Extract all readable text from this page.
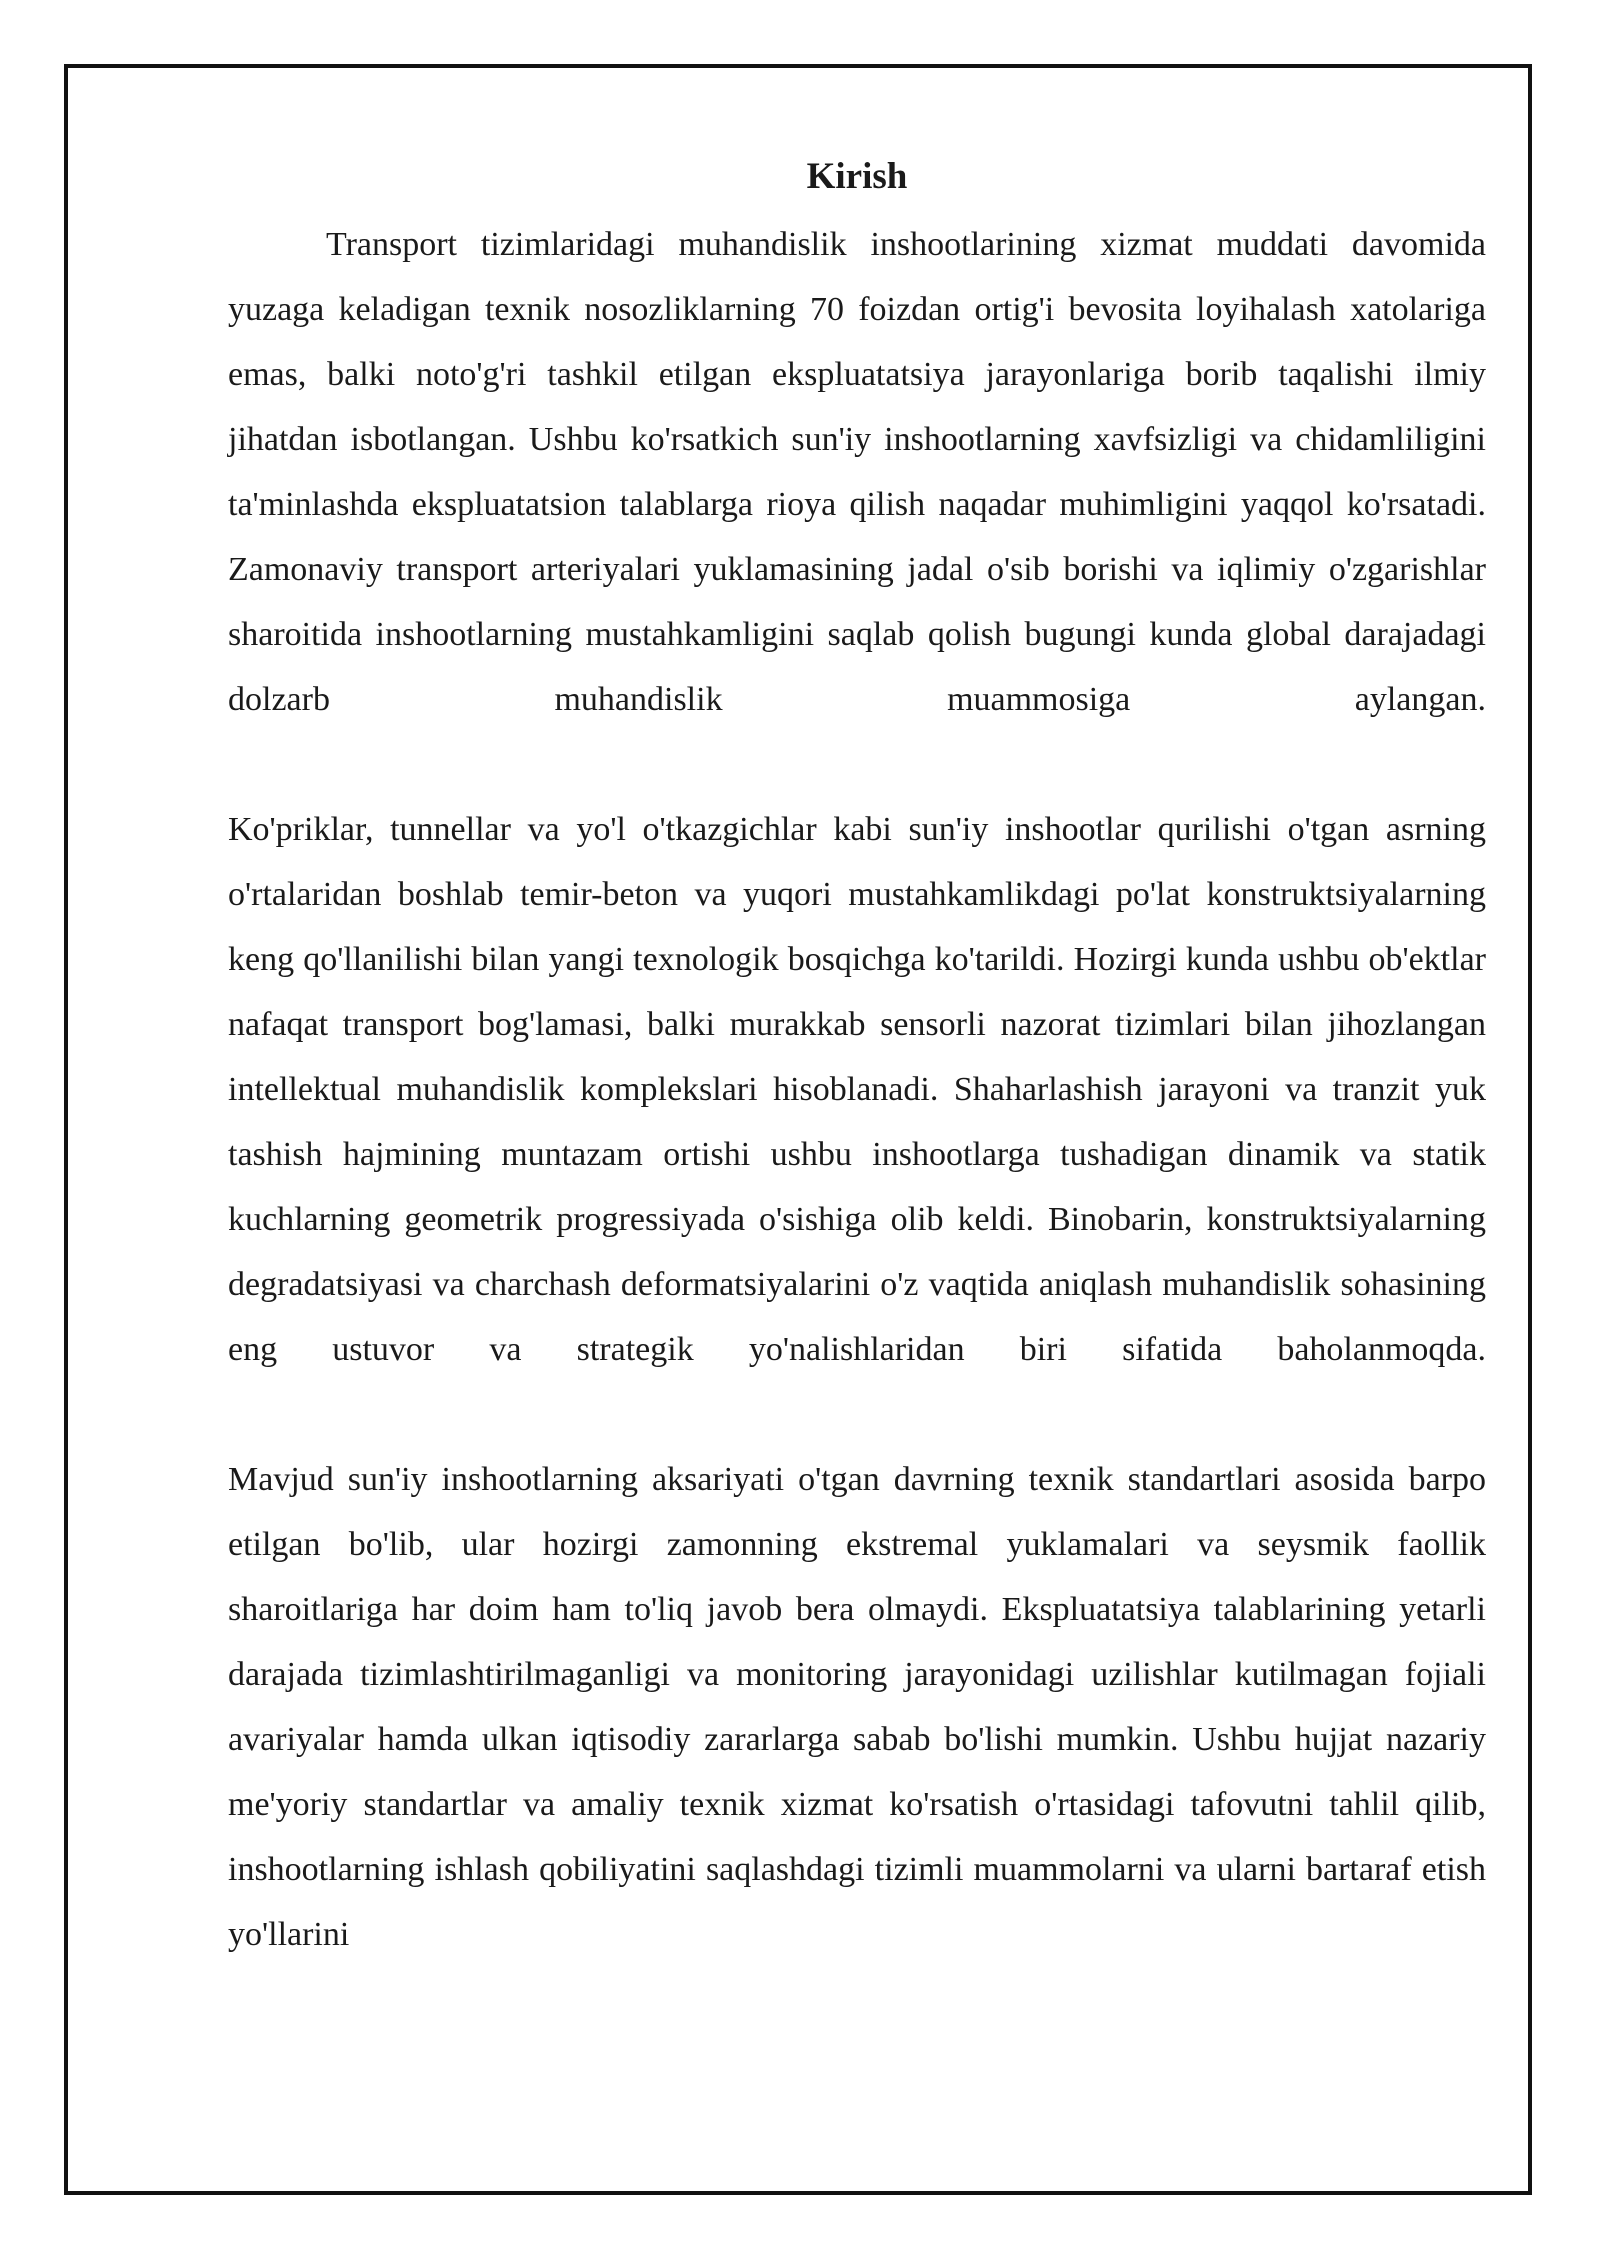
Kirish

Transport tizimlaridagi muhandislik inshootlarining xizmat muddati davomida yuzaga keladigan texnik nosozliklarning 70 foizdan ortig'i bevosita loyihalash xatolariga emas, balki noto'g'ri tashkil etilgan ekspluatatsiya jarayonlariga borib taqalishi ilmiy jihatdan isbotlangan. Ushbu ko'rsatkich sun'iy inshootlarning xavfsizligi va chidamliligini ta'minlashda ekspluatatsion talablarga rioya qilish naqadar muhimligini yaqqol ko'rsatadi. Zamonaviy transport arteriyalari yuklamasining jadal o'sib borishi va iqlimiy o'zgarishlar sharoitida inshootlarning mustahkamligini saqlab qolish bugungi kunda global darajadagi dolzarb muhandislik muammosiga aylangan.

Ko'priklar, tunnellar va yo'l o'tkazgichlar kabi sun'iy inshootlar qurilishi o'tgan asrning o'rtalaridan boshlab temir-beton va yuqori mustahkamlikdagi po'lat konstruktsiyalarning keng qo'llanilishi bilan yangi texnologik bosqichga ko'tarildi. Hozirgi kunda ushbu ob'ektlar nafaqat transport bog'lamasi, balki murakkab sensorli nazorat tizimlari bilan jihozlangan intellektual muhandislik komplekslari hisoblanadi. Shaharlashish jarayoni va tranzit yuk tashish hajmining muntazam ortishi ushbu inshootlarga tushadigan dinamik va statik kuchlarning geometrik progressiyada o'sishiga olib keldi. Binobarin, konstruktsiyalarning degradatsiyasi va charchash deformatsiyalarini o'z vaqtida aniqlash muhandislik sohasining eng ustuvor va strategik yo'nalishlaridan biri sifatida baholanmoqda.

Mavjud sun'iy inshootlarning aksariyati o'tgan davrning texnik standartlari asosida barpo etilgan bo'lib, ular hozirgi zamonning ekstremal yuklamalari va seysmik faollik sharoitlariga har doim ham to'liq javob bera olmaydi. Ekspluatatsiya talablarining yetarli darajada tizimlashtirilmaganligi va monitoring jarayonidagi uzilishlar kutilmagan fojiali avariyalar hamda ulkan iqtisodiy zararlarga sabab bo'lishi mumkin. Ushbu hujjat nazariy me'yoriy standartlar va amaliy texnik xizmat ko'rsatish o'rtasidagi tafovutni tahlil qilib, inshootlarning ishlash qobiliyatini saqlashdagi tizimli muammolarni va ularni bartaraf etish yo'llarini
